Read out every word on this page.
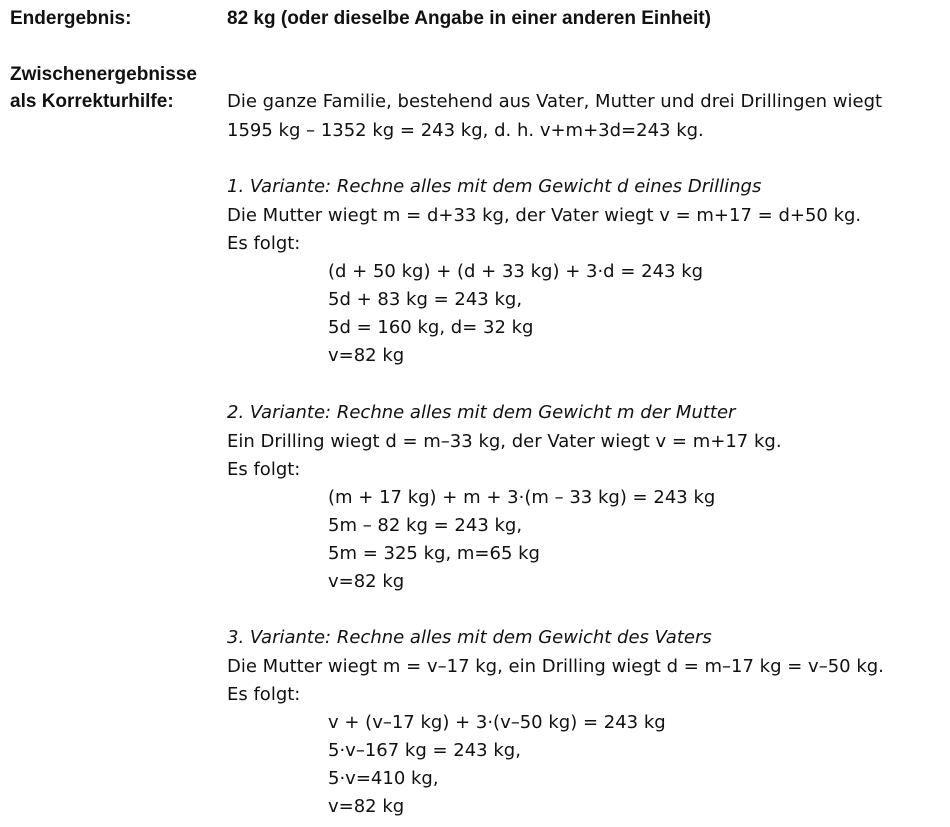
Endergebnis:	82 kg (oder dieselbe Angabe in einer anderen Einheit)
Zwischenergebnisse
als Korrekturhilfe:	Die ganze Familie, bestehend aus Vater, Mutter und drei Drillingen wiegt
1595 kg – 1352 kg = 243 kg, d. h. v+m+3d=243 kg.
1. Variante: Rechne alles mit dem Gewicht d eines Drillings
Die Mutter wiegt m = d+33 kg, der Vater wiegt v = m+17 = d+50 kg.
Es folgt:
(d + 50 kg) + (d + 33 kg) + 3·d = 243 kg
5d + 83 kg = 243 kg,
5d = 160 kg, d= 32 kg
v=82 kg
2. Variante: Rechne alles mit dem Gewicht m der Mutter
Ein Drilling wiegt d = m–33 kg, der Vater wiegt v = m+17 kg.
Es folgt:
(m + 17 kg) + m + 3·(m – 33 kg) = 243 kg
5m – 82 kg = 243 kg,
5m = 325 kg, m=65 kg
v=82 kg
3. Variante: Rechne alles mit dem Gewicht des Vaters
Die Mutter wiegt m = v–17 kg, ein Drilling wiegt d = m–17 kg = v–50 kg.
Es folgt:
v + (v–17 kg) + 3·(v–50 kg) = 243 kg
5·v–167 kg = 243 kg,
5·v=410 kg,
v=82 kg
